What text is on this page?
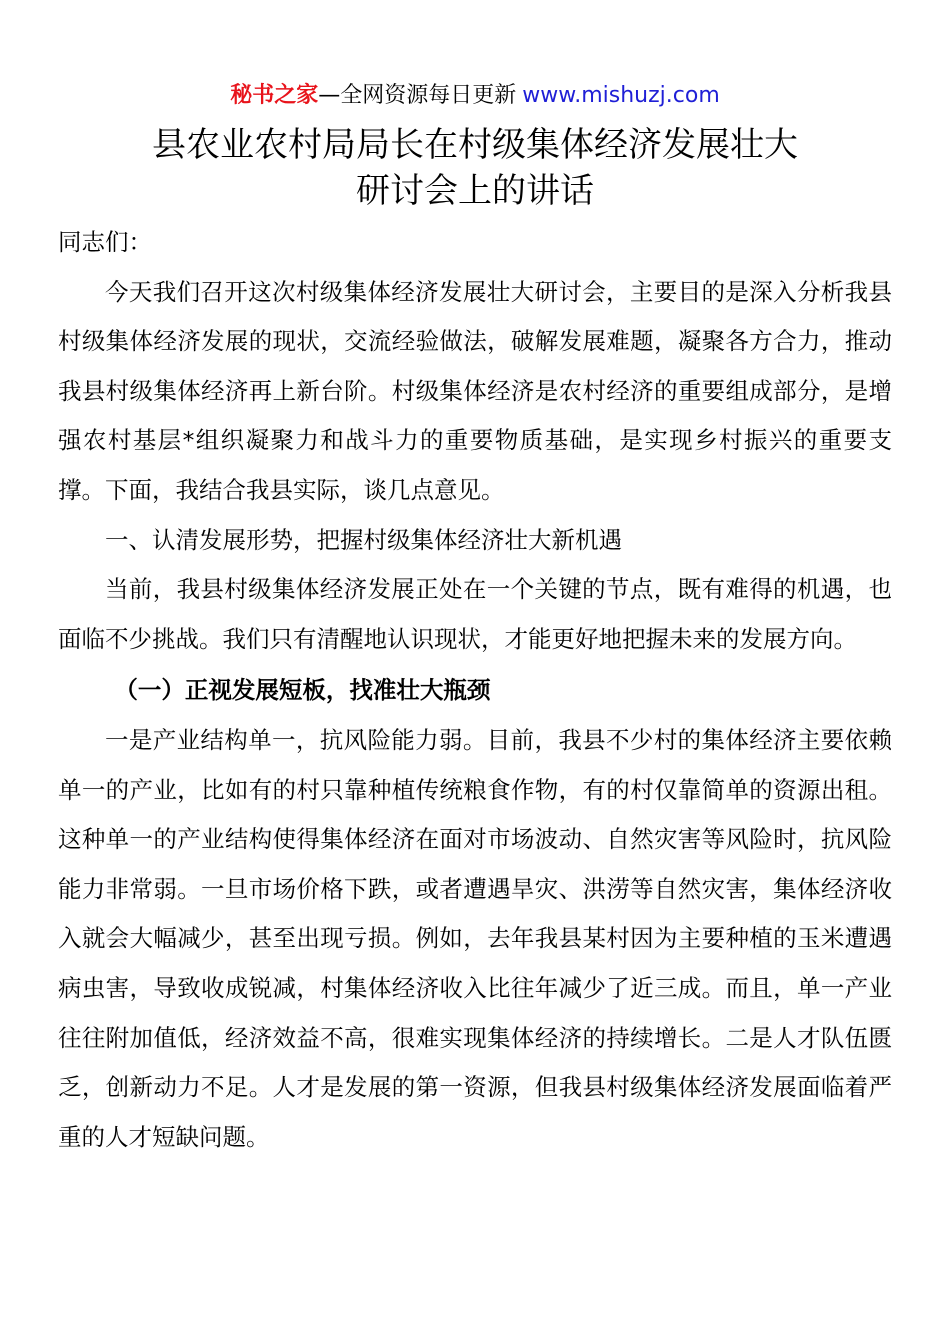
秘书之家—全网资源每日更新 www.mishuzj.com
县农业农村局局长在村级集体经济发展壮大
研讨会上的讲话

同志们：

今天我们召开这次村级集体经济发展壮大研讨会，主要目的是深入分析我县村级集体经济发展的现状，交流经验做法，破解发展难题，凝聚各方合力，推动我县村级集体经济再上新台阶。村级集体经济是农村经济的重要组成部分，是增强农村基层*组织凝聚力和战斗力的重要物质基础，是实现乡村振兴的重要支撑。下面，我结合我县实际，谈几点意见。

一、认清发展形势，把握村级集体经济壮大新机遇

当前，我县村级集体经济发展正处在一个关键的节点，既有难得的机遇，也面临不少挑战。我们只有清醒地认识现状，才能更好地把握未来的发展方向。

（一）正视发展短板，找准壮大瓶颈

一是产业结构单一，抗风险能力弱。目前，我县不少村的集体经济主要依赖单一的产业，比如有的村只靠种植传统粮食作物，有的村仅靠简单的资源出租。这种单一的产业结构使得集体经济在面对市场波动、自然灾害等风险时，抗风险能力非常弱。一旦市场价格下跌，或者遭遇旱灾、洪涝等自然灾害，集体经济收入就会大幅减少，甚至出现亏损。例如，去年我县某村因为主要种植的玉米遭遇病虫害，导致收成锐减，村集体经济收入比往年减少了近三成。而且，单一产业往往附加值低，经济效益不高，很难实现集体经济的持续增长。二是人才队伍匮乏，创新动力不足。人才是发展的第一资源，但我县村级集体经济发展面临着严重的人才短缺问题。
